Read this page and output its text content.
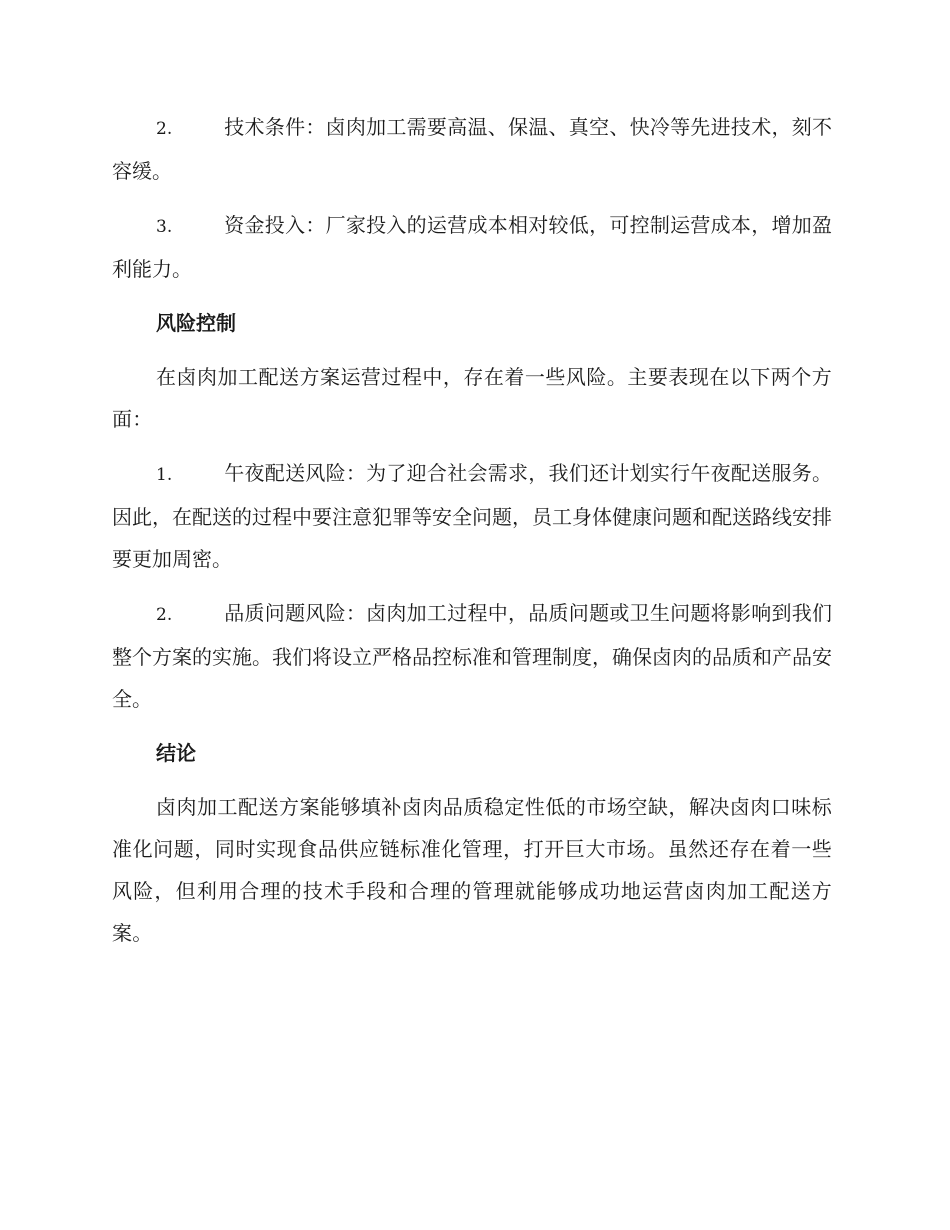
2.	技术条件：卤肉加工需要高温、保温、真空、快冷等先进技术，刻不容缓。

3.	资金投入：厂家投入的运营成本相对较低，可控制运营成本，增加盈利能力。

风险控制

在卤肉加工配送方案运营过程中，存在着一些风险。主要表现在以下两个方面：

1.	午夜配送风险：为了迎合社会需求，我们还计划实行午夜配送服务。因此，在配送的过程中要注意犯罪等安全问题，员工身体健康问题和配送路线安排要更加周密。

2.	品质问题风险：卤肉加工过程中，品质问题或卫生问题将影响到我们整个方案的实施。我们将设立严格品控标准和管理制度，确保卤肉的品质和产品安全。

结论

卤肉加工配送方案能够填补卤肉品质稳定性低的市场空缺，解决卤肉口味标准化问题，同时实现食品供应链标准化管理，打开巨大市场。虽然还存在着一些风险，但利用合理的技术手段和合理的管理就能够成功地运营卤肉加工配送方案。
